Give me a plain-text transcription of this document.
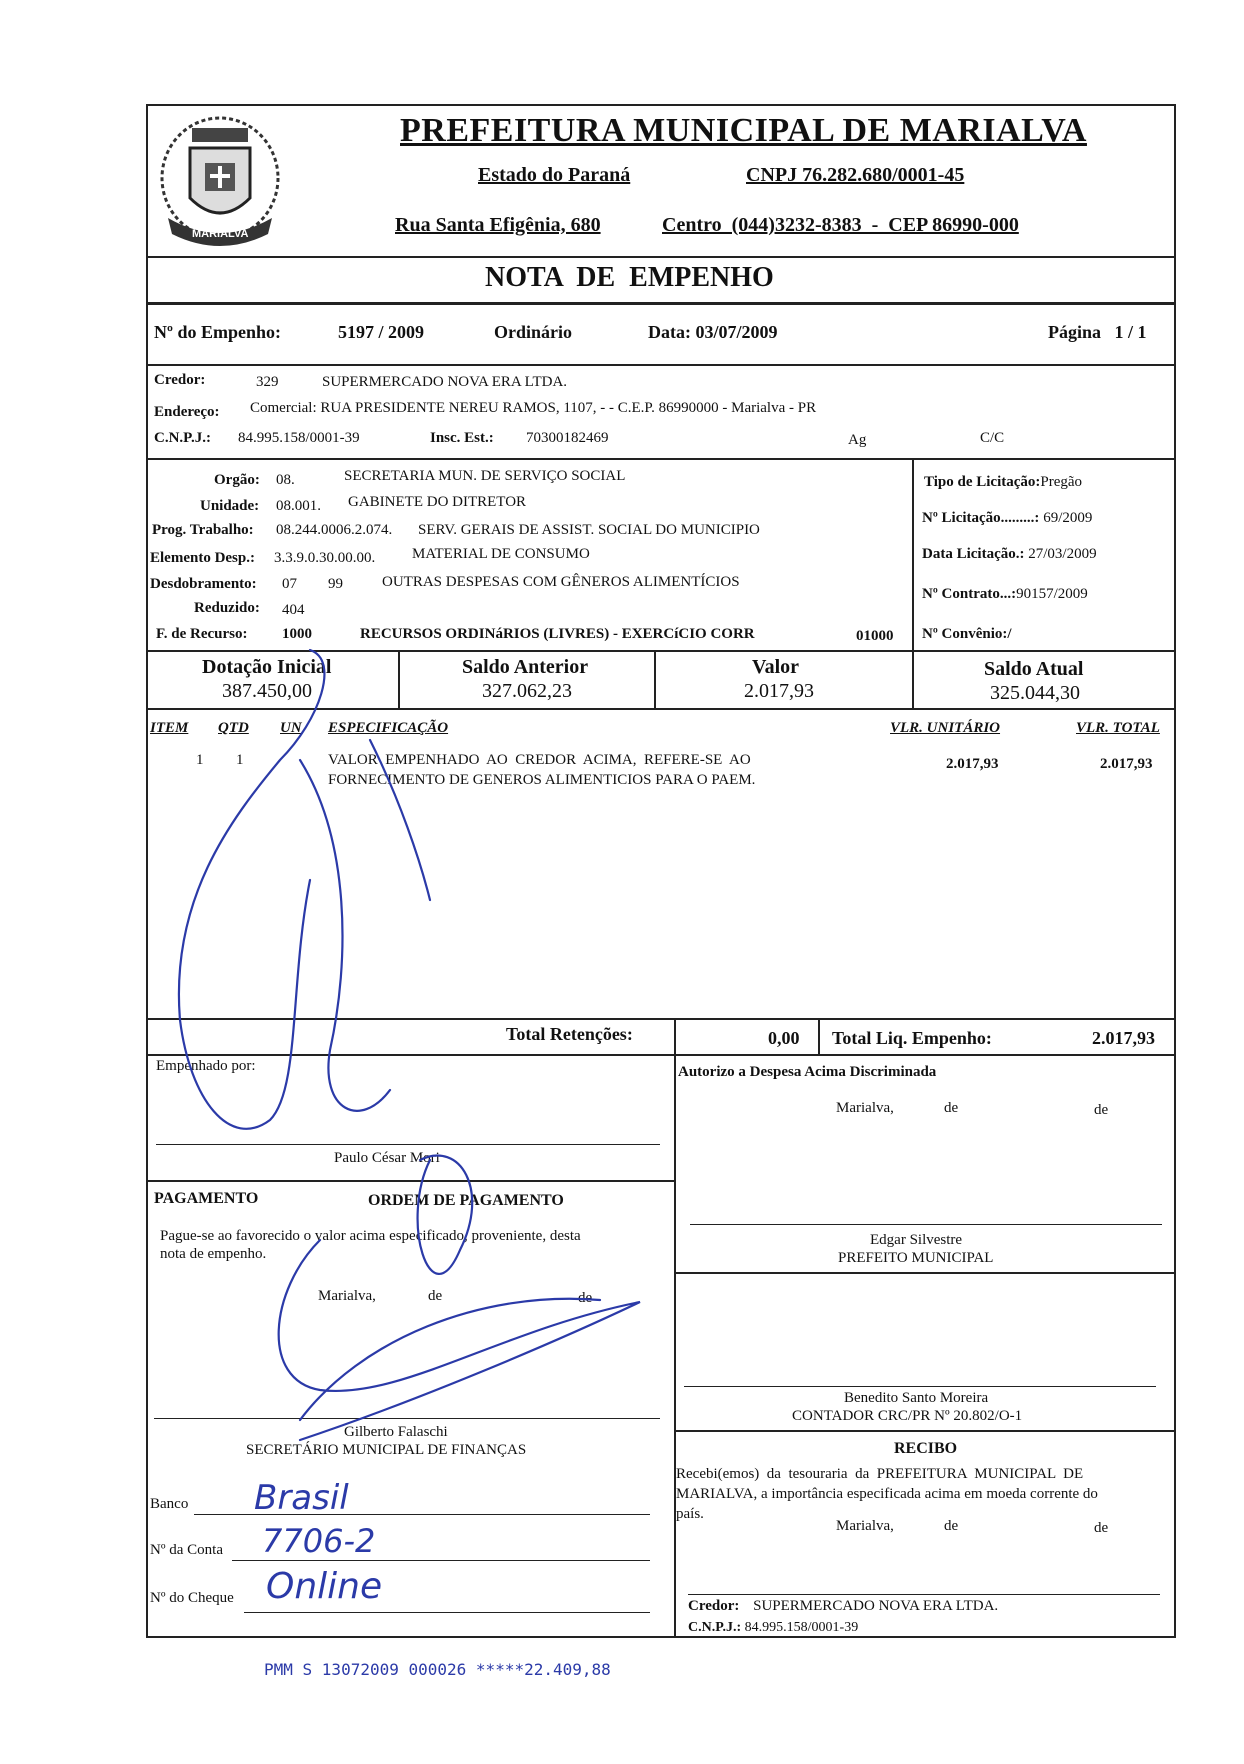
MARIALVA
PREFEITURA MUNICIPAL DE MARIALVA
Estado do Paraná	CNPJ 76.282.680/0001-45
Rua Santa Efigênia, 680	Centro  (044)3232-8383  -  CEP 86990-000
NOTA  DE  EMPENHO
Nº do Empenho:	5197 / 2009	Ordinário	Data: 03/07/2009	Página   1 / 1
Credor:	329	SUPERMERCADO NOVA ERA LTDA.
Endereço: Comercial: RUA PRESIDENTE NEREU RAMOS, 1107, - - C.E.P. 86990000 - Marialva - PR
C.N.P.J.: 84.995.158/0001-39	Insc. Est.: 70300182469	Ag	C/C
Orgão: 08.	SECRETARIA MUN. DE SERVIÇO SOCIAL
Unidade: 08.001. GABINETE DO DITRETOR
Prog. Trabalho: 08.244.0006.2.074. SERV. GERAIS DE ASSIST. SOCIAL DO MUNICIPIO
Elemento Desp.: 3.3.9.0.30.00.00. MATERIAL DE CONSUMO
Desdobramento: 07 99	OUTRAS DESPESAS COM GÊNEROS ALIMENTÍCIOS
Reduzido: 404
F. de Recurso: 1000	RECURSOS ORDINáRIOS (LIVRES) - EXERCíCIO CORR	01000
Tipo de Licitação:Pregão
Nº Licitação.........: 69/2009
Data Licitação.: 27/03/2009
Nº Contrato...:90157/2009
Nº Convênio:/
Dotação Inicial
387.450,00
Saldo Anterior
327.062,23
Valor
2.017,93
Saldo Atual
325.044,30
ITEM QTD UN ESPECIFICAÇÃO	VLR. UNITÁRIO	VLR. TOTAL
1 1	VALOR  EMPENHADO  AO  CREDOR  ACIMA,  REFERE-SE  AO
FORNECIMENTO DE GENEROS ALIMENTICIOS PARA O PAEM.
2.017,93	2.017,93
Total Retenções:	0,00 Total Liq. Empenho:	2.017,93
Empenhado por:
Paulo César Mori
Autorizo a Despesa Acima Discriminada
Marialva,	de	de
Edgar Silvestre
PREFEITO MUNICIPAL
Benedito Santo Moreira
CONTADOR CRC/PR Nº 20.802/O-1
PAGAMENTO	ORDEM DE PAGAMENTO
Pague-se ao favorecido o valor acima especificado, proveniente, desta
nota de empenho.
Marialva,	de	de
Gilberto Falaschi
SECRETÁRIO MUNICIPAL DE FINANÇAS
Banco Brasil
Nº da Conta 7706-2
Nº do Cheque Online
RECIBO
Recebi(emos)  da  tesouraria  da  PREFEITURA  MUNICIPAL  DE
MARIALVA, a importância especificada acima em moeda corrente do
país.
Marialva,	de	de
Credor: SUPERMERCADO NOVA ERA LTDA.
C.N.P.J.: 84.995.158/0001-39
PMM S 13072009 000026 *****22.409,88
